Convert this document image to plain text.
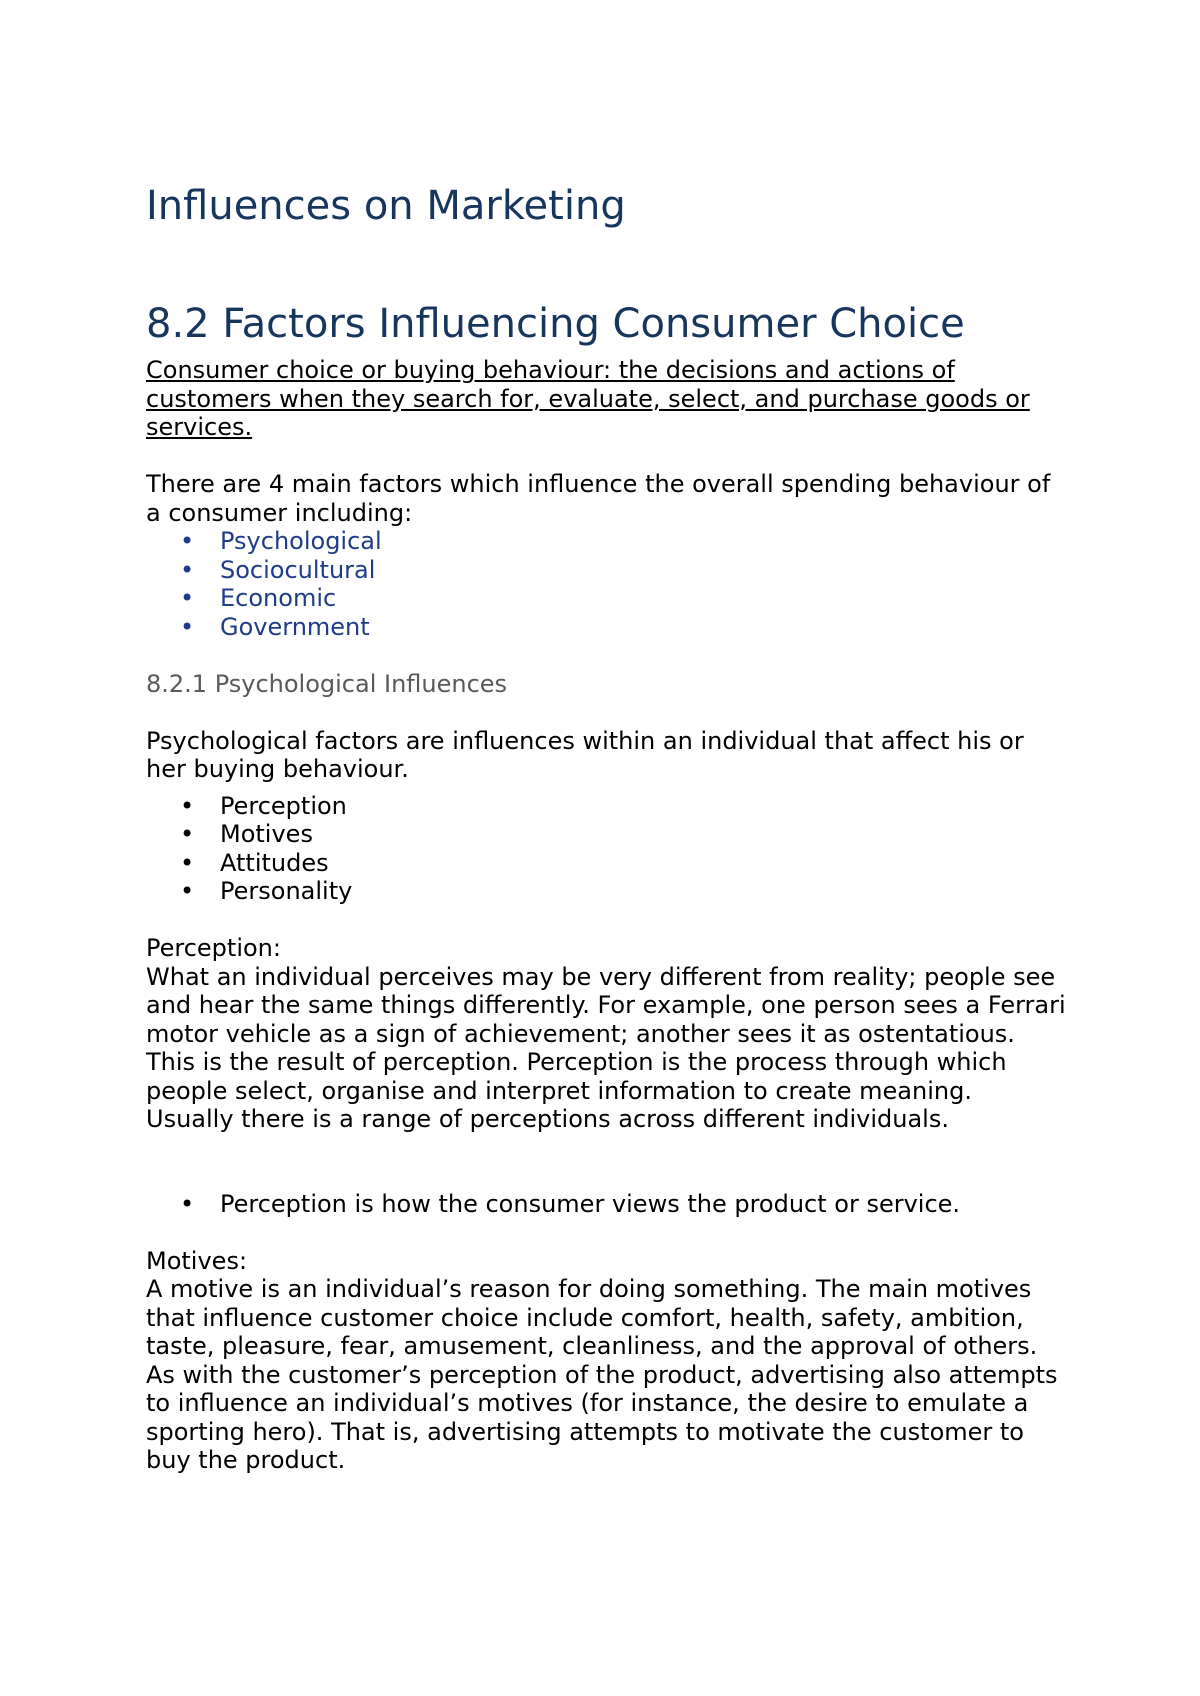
Influences on Marketing
8.2 Factors Influencing Consumer Choice

Consumer choice or buying behaviour: the decisions and actions of customers when they search for, evaluate, select, and purchase goods or services.

There are 4 main factors which influence the overall spending behaviour of a consumer including:

• Psychological
• Sociocultural
• Economic
• Government
8.2.1 Psychological Influences

Psychological factors are influences within an individual that affect his or her buying behaviour.

• Perception
• Motives
• Attitudes
• Personality

Perception:

What an individual perceives may be very different from reality; people see and hear the same things differently. For example, one person sees a Ferrari motor vehicle as a sign of achievement; another sees it as ostentatious. This is the result of perception. Perception is the process through which people select, organise and interpret information to create meaning. Usually there is a range of perceptions across different individuals.

• Perception is how the consumer views the product or service.

Motives:

A motive is an individual’s reason for doing something. The main motives that influence customer choice include comfort, health, safety, ambition, taste, pleasure, fear, amusement, cleanliness, and the approval of others. As with the customer’s perception of the product, advertising also attempts to influence an individual’s motives (for instance, the desire to emulate a sporting hero). That is, advertising attempts to motivate the customer to buy the product.
